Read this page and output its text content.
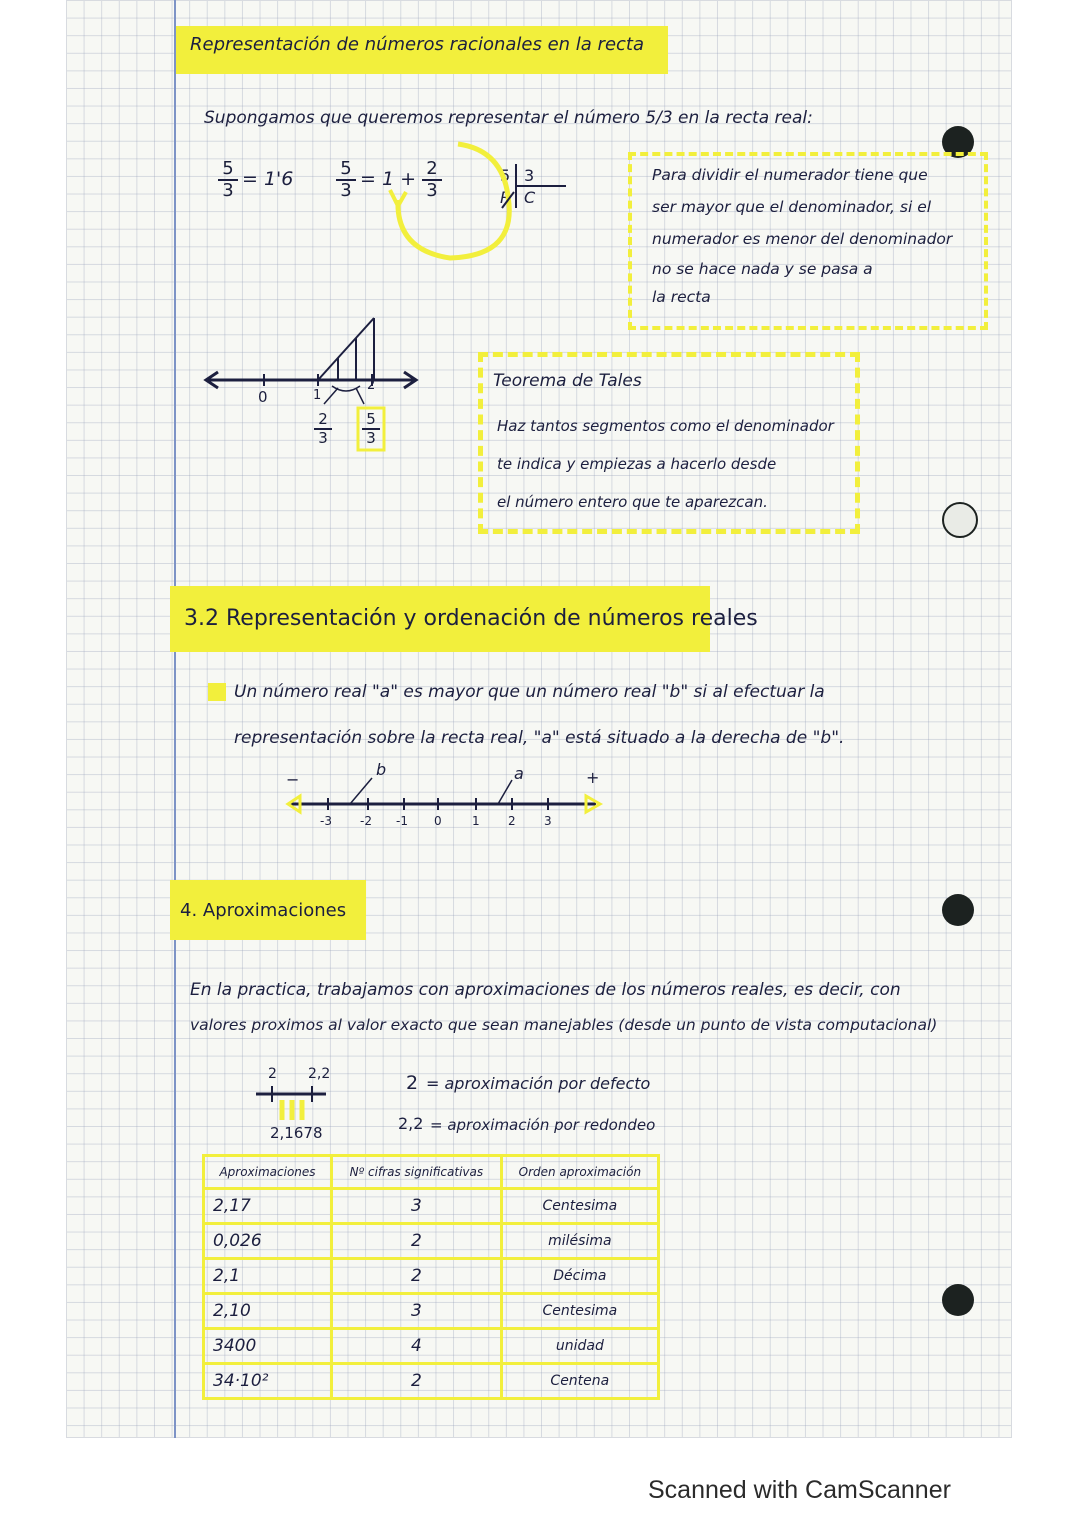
Representación de números racionales en la recta
Supongamos que queremos representar el número 5/3 en la recta real:
5
3
= 1'6	5
3
= 1 + 2
3
5 3
R C
0	1
2
2
3
5
3
Para dividir el numerador tiene que
ser mayor que el denominador, si el
numerador es menor del denominador
no se hace nada y se pasa a
la recta
Teorema de Tales
Haz tantos segmentos como el denominador
te indica y empiezas a hacerlo desde
el número entero que te aparezcan.
3.2 Representación y ordenación de números reales
Un número real "a" es mayor que un número real "b" si al efectuar la
representación sobre la recta real, "a" está situado a la derecha de "b".
−	+
b	a
-3 -2 -1 0	1 2 3
4. Aproximaciones
En la practica, trabajamos con aproximaciones de los números reales, es decir, con
valores proximos al valor exacto que sean manejables (desde un punto de vista computacional)
2 2,2
2,1678
2 = aproximación por defecto
2,2 = aproximación por redondeo
Aproximaciones	Nº cifras significativas	Orden aproximación
2,17	3	Centesima
0,026	2	milésima
2,1	2	Décima
2,10	3	Centesima
3400	4	unidad
34·10²	2	Centena
Scanned with CamScanner
